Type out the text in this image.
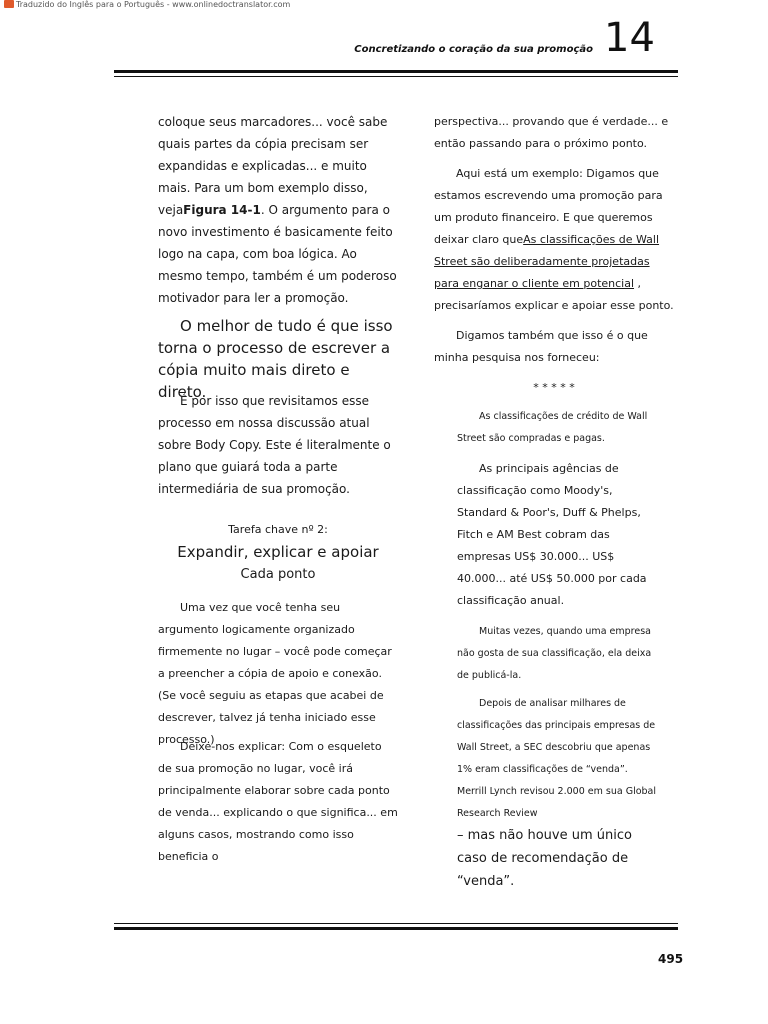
Traduzido do Inglês para o Português - www.onlinedoctranslator.com
Concretizando o coração da sua promoção 14

coloque seus marcadores... você sabe quais partes da cópia precisam ser expandidas e explicadas... e muito mais. Para um bom exemplo disso, vejaFigura 14-1. O argumento para o novo investimento é basicamente feito logo na capa, com boa lógica. Ao mesmo tempo, também é um poderoso motivador para ler a promoção.

O melhor de tudo é que isso torna o processo de escrever a cópia muito mais direto e direto.

É por isso que revisitamos esse processo em nossa discussão atual sobre Body Copy. Este é literalmente o plano que guiará toda a parte intermediária de sua promoção.

Tarefa chave nº 2:
Expandir, explicar e apoiar
Cada ponto

Uma vez que você tenha seu argumento logicamente organizado firmemente no lugar – você pode começar a preencher a cópia de apoio e conexão. (Se você seguiu as etapas que acabei de descrever, talvez já tenha iniciado esse processo.)

Deixe-nos explicar: Com o esqueleto de sua promoção no lugar, você irá principalmente elaborar sobre cada ponto de venda... explicando o que significa... em alguns casos, mostrando como isso beneficia o

perspectiva... provando que é verdade... e então passando para o próximo ponto.

Aqui está um exemplo: Digamos que estamos escrevendo uma promoção para um produto financeiro. E que queremos deixar claro queAs classificações de Wall Street são deliberadamente projetadas para enganar o cliente em potencial , precisaríamos explicar e apoiar esse ponto.

Digamos também que isso é o que minha pesquisa nos forneceu:

* * * * *

As classificações de crédito de Wall Street são compradas e pagas.

As principais agências de classificação como Moody's, Standard & Poor's, Duff & Phelps, Fitch e AM Best cobram das empresas US$ 30.000... US$ 40.000... até US$ 50.000 por cada classificação anual.

Muitas vezes, quando uma empresa não gosta de sua classificação, ela deixa de publicá-la.

Depois de analisar milhares de classificações das principais empresas de Wall Street, a SEC descobriu que apenas 1% eram classificações de “venda”. Merrill Lynch revisou 2.000 em sua Global Research Review

– mas não houve um único caso de recomendação de “venda”.
495
